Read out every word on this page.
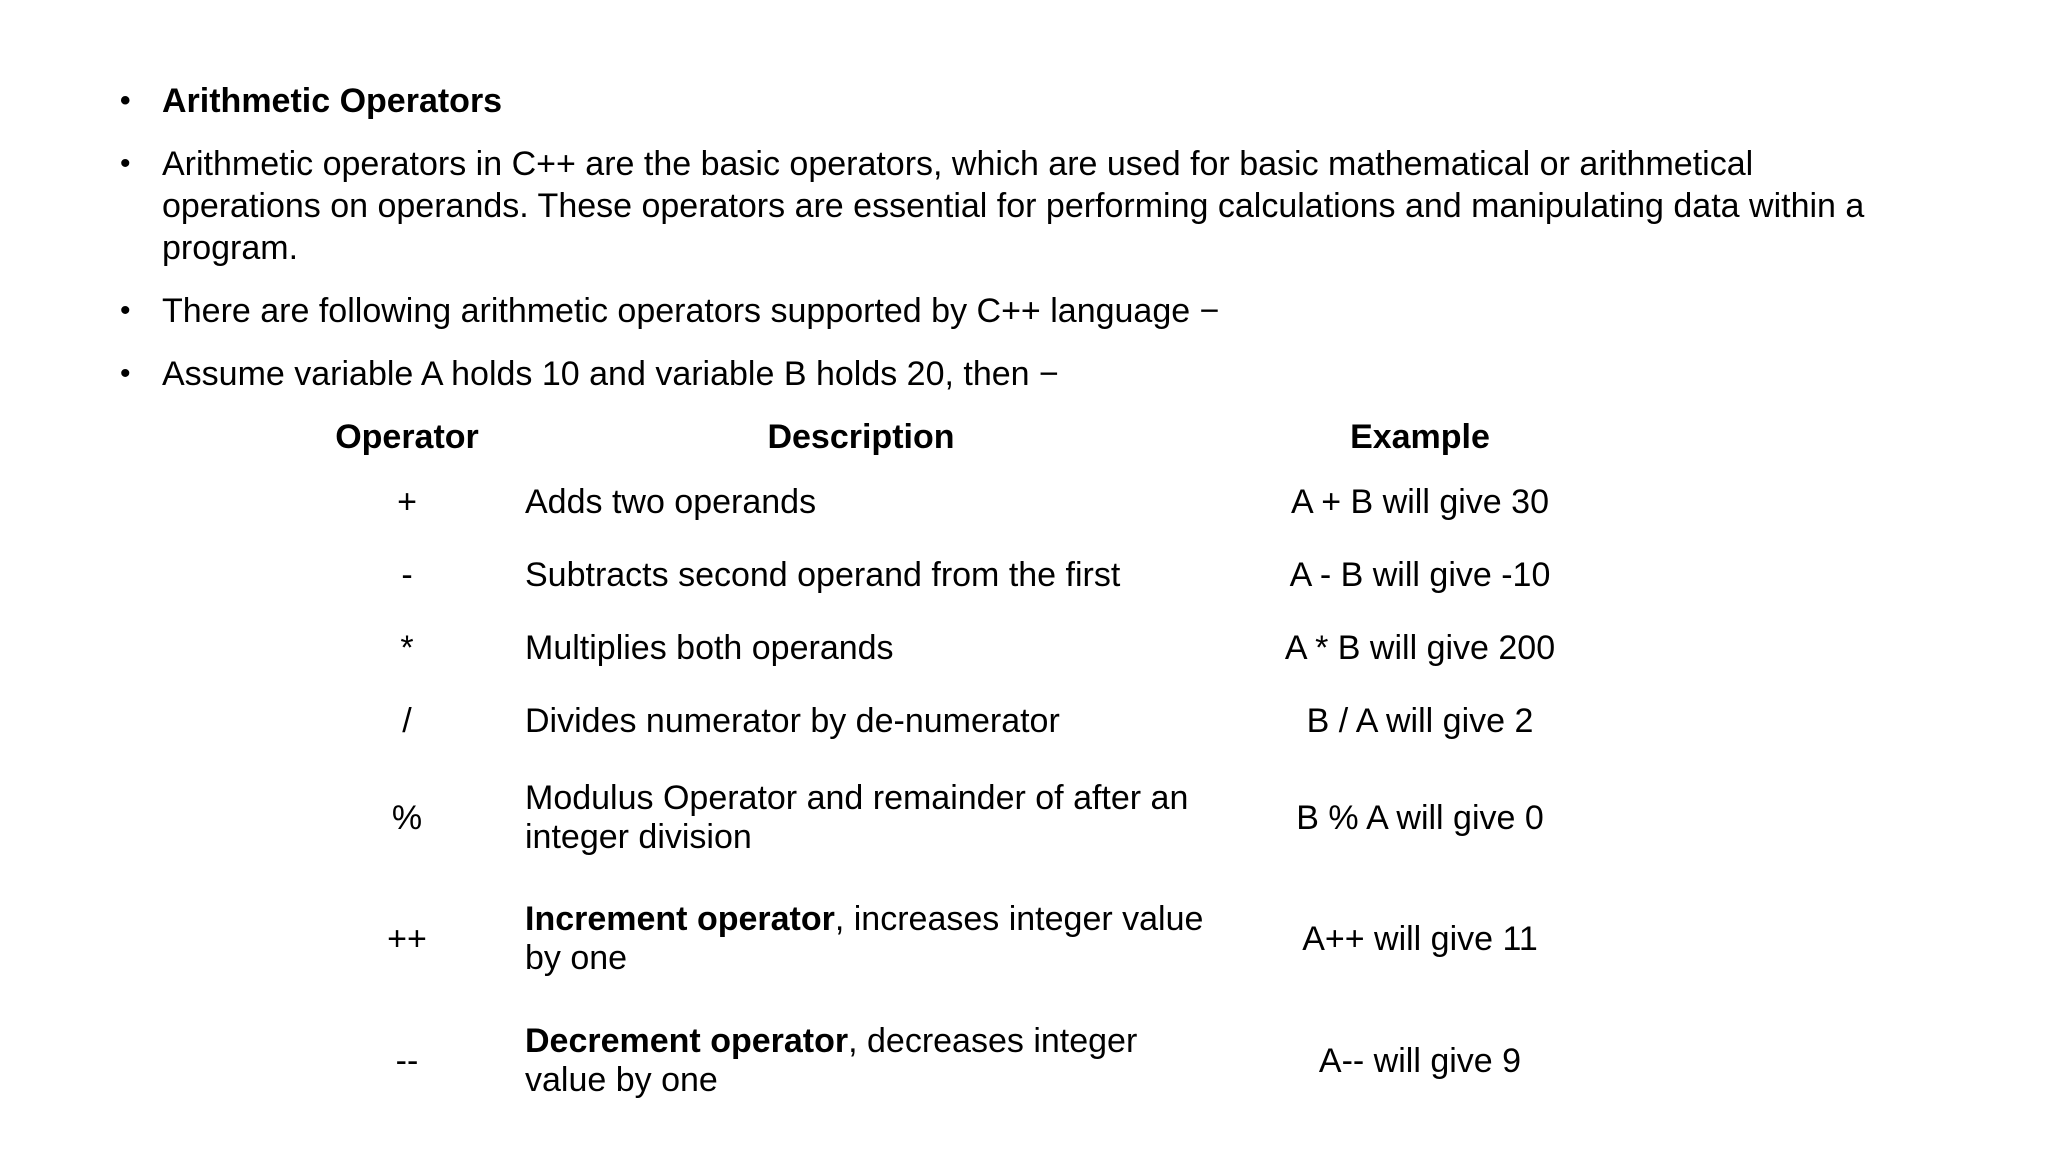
• Arithmetic Operators
• Arithmetic operators in C++ are the basic operators, which are used for basic mathematical or arithmetical operations on operands. These operators are essential for performing calculations and manipulating data within a program.
• There are following arithmetic operators supported by C++ language −
• Assume variable A holds 10 and variable B holds 20, then −
Operator	Description	Example
+	Adds two operands	A + B will give 30
-	Subtracts second operand from the first	A - B will give -10
*	Multiplies both operands	A * B will give 200
/	Divides numerator by de-numerator	B / A will give 2
%	Modulus Operator and remainder of after an integer division	B % A will give 0
++	Increment operator, increases integer value by one	A++ will give 11
--	Decrement operator, decreases integer value by one	A-- will give 9
